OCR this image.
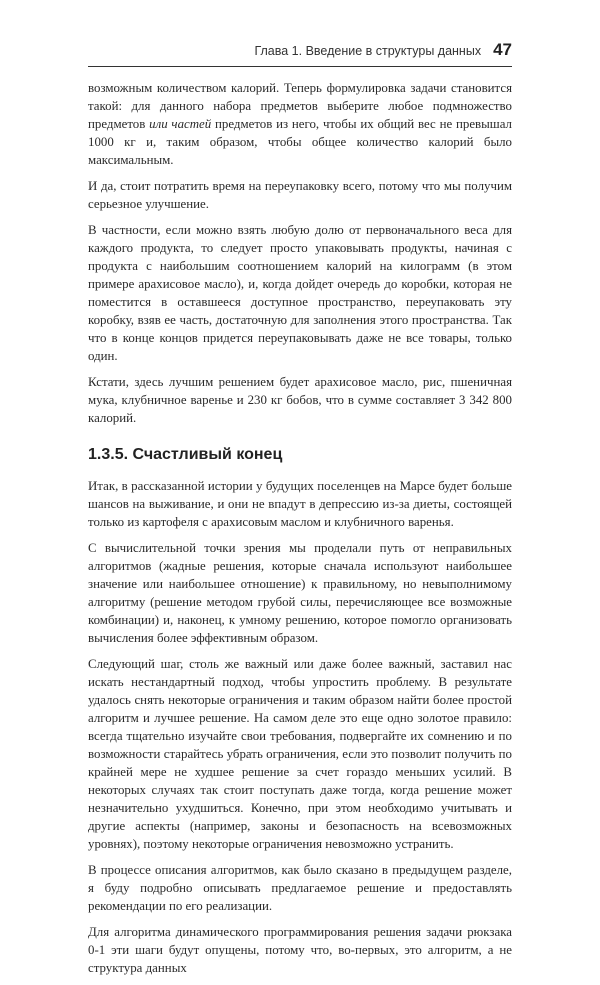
Глава 1. Введение в структуры данных 47

возможным количеством калорий. Теперь формулировка задачи становится такой: для данного набора предметов выберите любое подмножество предметов или частей предметов из него, чтобы их общий вес не превышал 1000 кг и, таким образом, чтобы общее количество калорий было максимальным.

И да, стоит потратить время на переупаковку всего, потому что мы получим серьезное улучшение.

В частности, если можно взять любую долю от первоначального веса для каждого продукта, то следует просто упаковывать продукты, начиная с продукта с наибольшим соотношением калорий на килограмм (в этом примере арахисовое масло), и, когда дойдет очередь до коробки, которая не поместится в оставшееся доступное пространство, переупаковать эту коробку, взяв ее часть, достаточную для заполнения этого пространства. Так что в конце концов придется переупаковывать даже не все товары, только один.

Кстати, здесь лучшим решением будет арахисовое масло, рис, пшеничная мука, клубничное варенье и 230 кг бобов, что в сумме составляет 3 342 800 калорий.

1.3.5. Счастливый конец

Итак, в рассказанной истории у будущих поселенцев на Марсе будет больше шансов на выживание, и они не впадут в депрессию из-за диеты, состоящей только из картофеля с арахисовым маслом и клубничного варенья.

С вычислительной точки зрения мы проделали путь от неправильных алгоритмов (жадные решения, которые сначала используют наибольшее значение или наибольшее отношение) к правильному, но невыполнимому алгоритму (решение методом грубой силы, перечисляющее все возможные комбинации) и, наконец, к умному решению, которое помогло организовать вычисления более эффективным образом.

Следующий шаг, столь же важный или даже более важный, заставил нас искать нестандартный подход, чтобы упростить проблему. В результате удалось снять некоторые ограничения и таким образом найти более простой алгоритм и лучшее решение. На самом деле это еще одно золотое правило: всегда тщательно изучайте свои требования, подвергайте их сомнению и по возможности старайтесь убрать ограничения, если это позволит получить по крайней мере не худшее решение за счет гораздо меньших усилий. В некоторых случаях так стоит поступать даже тогда, когда решение может незначительно ухудшиться. Конечно, при этом необходимо учитывать и другие аспекты (например, законы и безопасность на всевозможных уровнях), поэтому некоторые ограничения невозможно устранить.

В процессе описания алгоритмов, как было сказано в предыдущем разделе, я буду подробно описывать предлагаемое решение и предоставлять рекомендации по его реализации.

Для алгоритма динамического программирования решения задачи рюкзака 0-1 эти шаги будут опущены, потому что, во-первых, это алгоритм, а не структура данных
